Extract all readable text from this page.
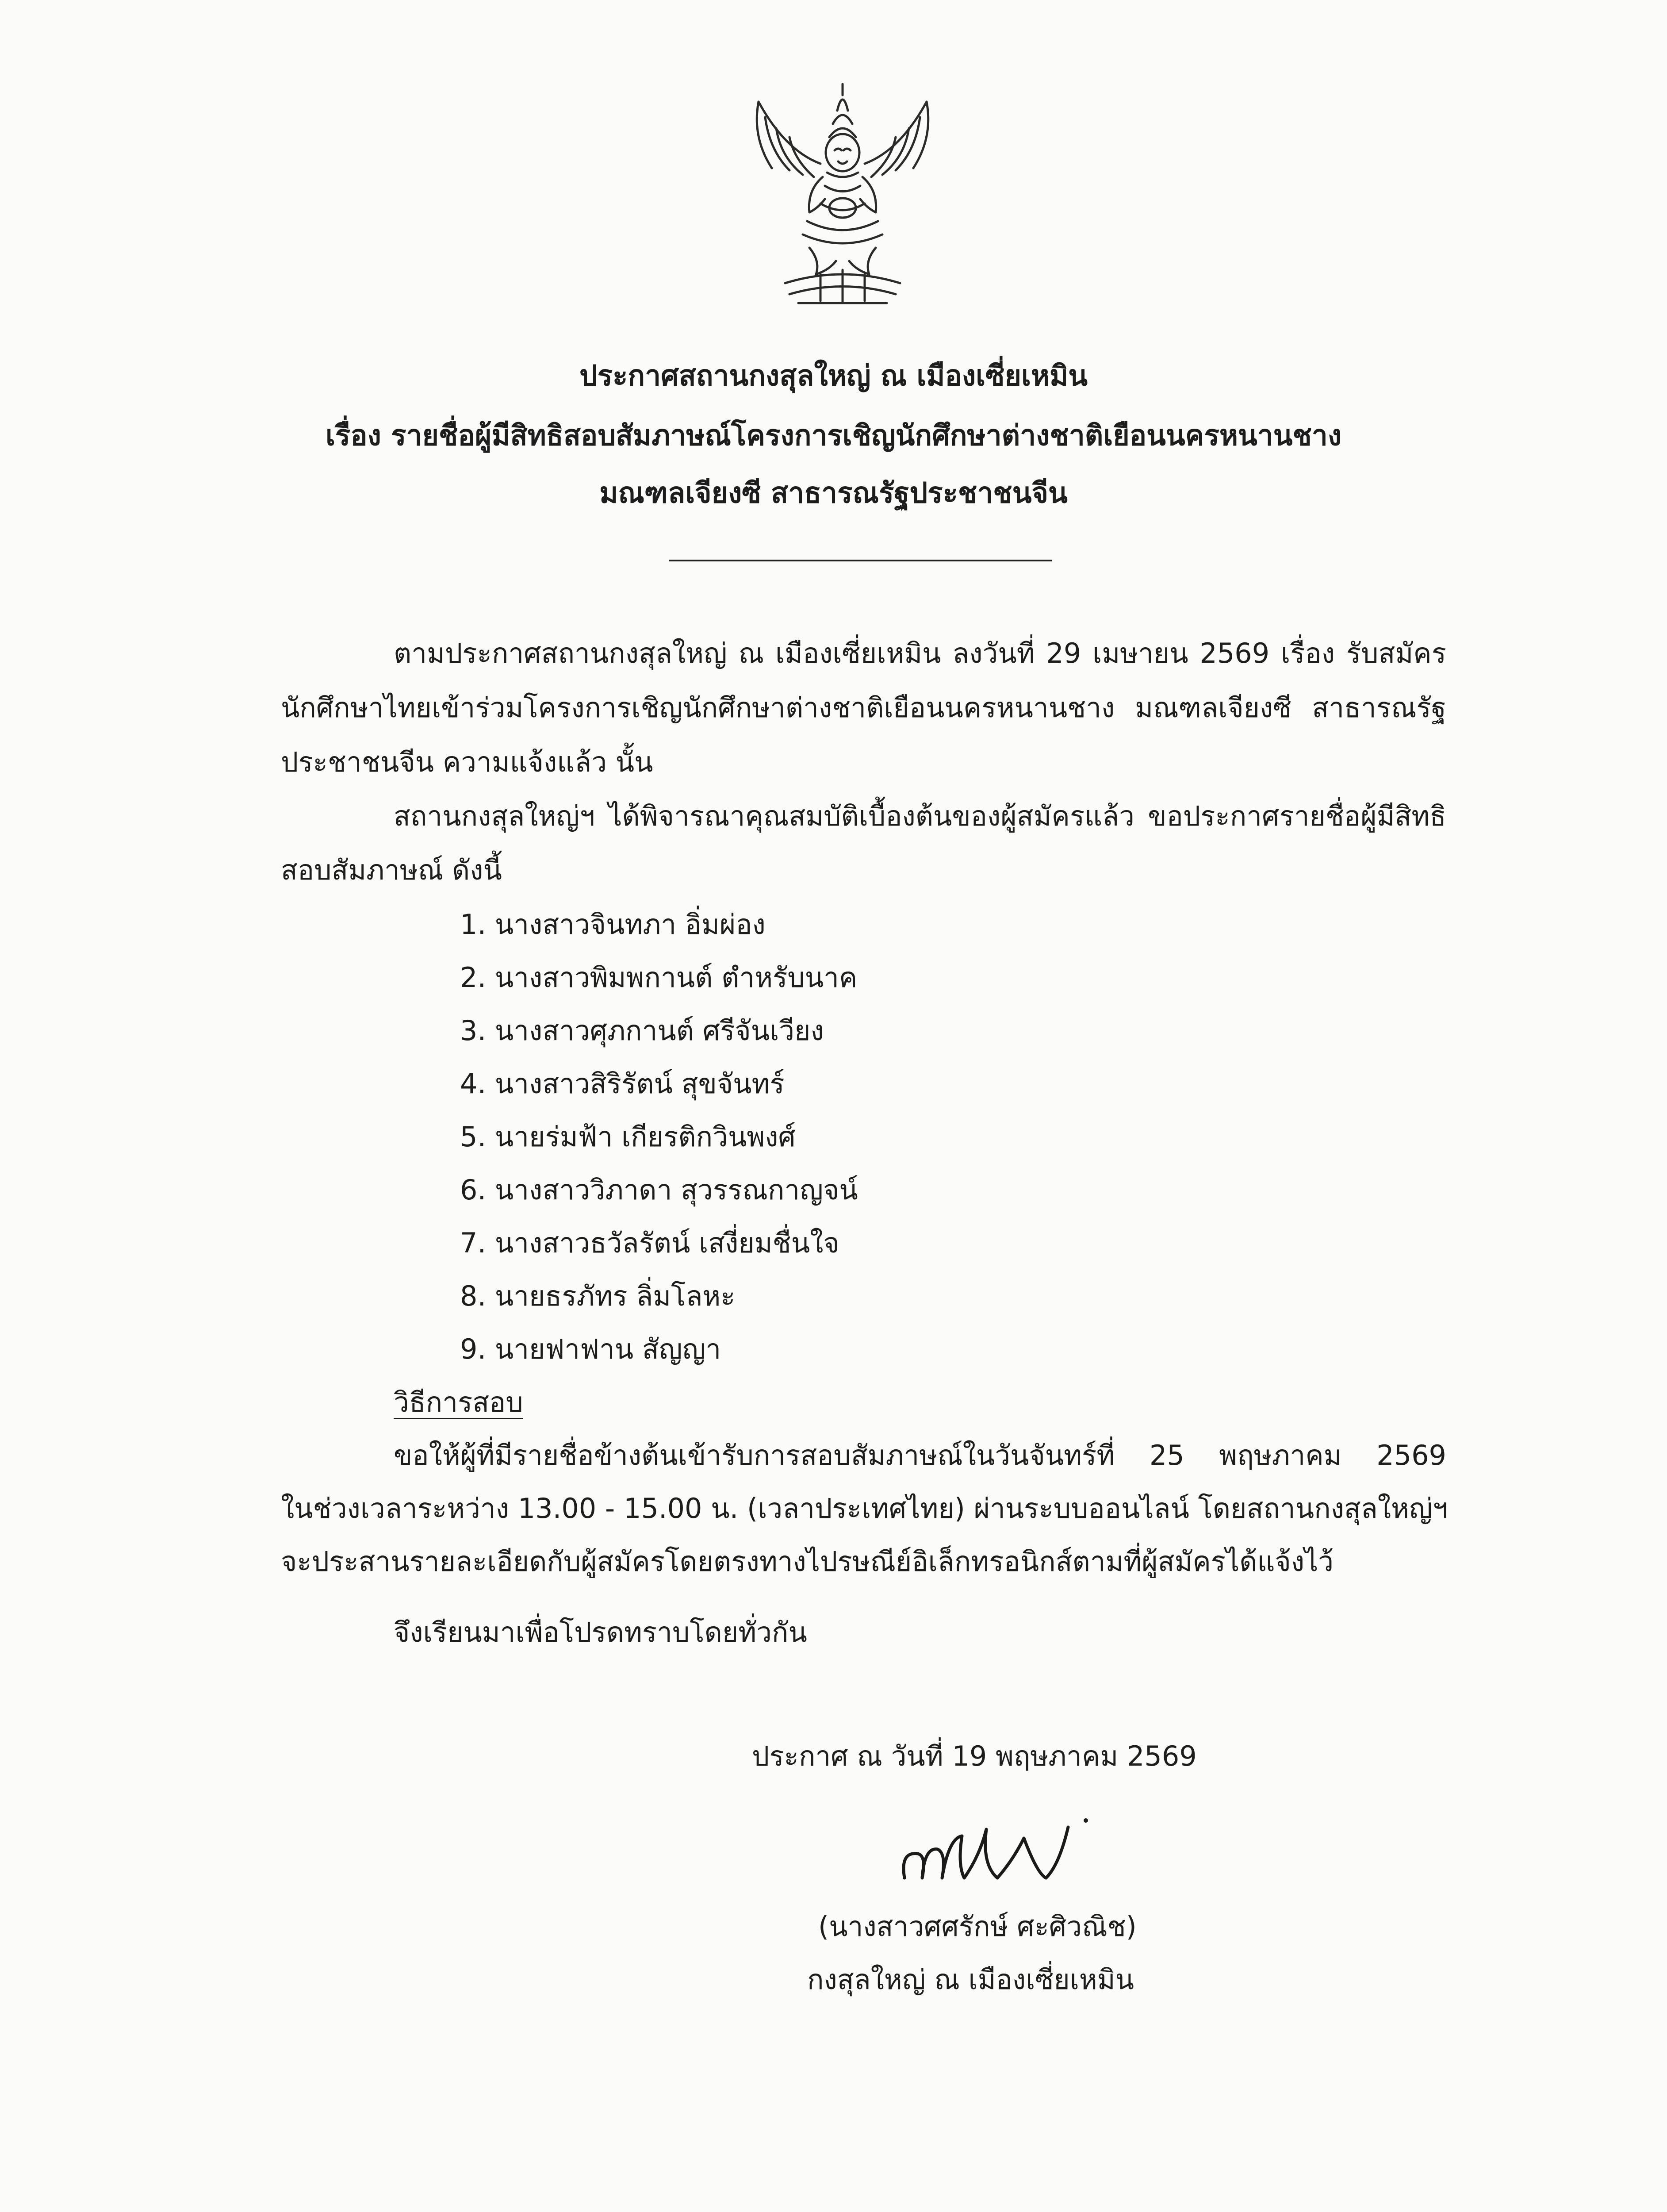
ประกาศสถานกงสุลใหญ่ ณ เมืองเซี่ยเหมิน
เรื่อง รายชื่อผู้มีสิทธิสอบสัมภาษณ์โครงการเชิญนักศึกษาต่างชาติเยือนนครหนานชาง
มณฑลเจียงซี สาธารณรัฐประชาชนจีน
ตามประกาศสถานกงสุลใหญ่ ณ เมืองเซี่ยเหมิน ลงวันที่ 29 เมษายน 2569 เรื่อง รับสมัคร
นักศึกษาไทยเข้าร่วมโครงการเชิญนักศึกษาต่างชาติเยือนนครหนานชาง มณฑลเจียงซี สาธารณรัฐ
ประชาชนจีน ความแจ้งแล้ว นั้น
สถานกงสุลใหญ่ฯ ได้พิจารณาคุณสมบัติเบื้องต้นของผู้สมัครแล้ว ขอประกาศรายชื่อผู้มีสิทธิ
สอบสัมภาษณ์ ดังนี้
1. นางสาวจินทภา อิ่มผ่อง
2. นางสาวพิมพกานต์ ตำหรับนาค
3. นางสาวศุภกานต์ ศรีจันเวียง
4. นางสาวสิริรัตน์ สุขจันทร์
5. นายร่มฟ้า เกียรติกวินพงศ์
6. นางสาววิภาดา สุวรรณกาญจน์
7. นางสาวธวัลรัตน์ เสงี่ยมชื่นใจ
8. นายธรภัทร ลิ่มโลหะ
9. นายฟาฟาน สัญญา
วิธีการสอบ
ขอให้ผู้ที่มีรายชื่อข้างต้นเข้ารับการสอบสัมภาษณ์ในวันจันทร์ที่ 25 พฤษภาคม 2569
ในช่วงเวลาระหว่าง 13.00 - 15.00 น. (เวลาประเทศไทย) ผ่านระบบออนไลน์ โดยสถานกงสุลใหญ่ฯ
จะประสานรายละเอียดกับผู้สมัครโดยตรงทางไปรษณีย์อิเล็กทรอนิกส์ตามที่ผู้สมัครได้แจ้งไว้
จึงเรียนมาเพื่อโปรดทราบโดยทั่วกัน
ประกาศ ณ วันที่ 19 พฤษภาคม 2569
(นางสาวศศรักษ์ ศะศิวณิช)
กงสุลใหญ่ ณ เมืองเซี่ยเหมิน
